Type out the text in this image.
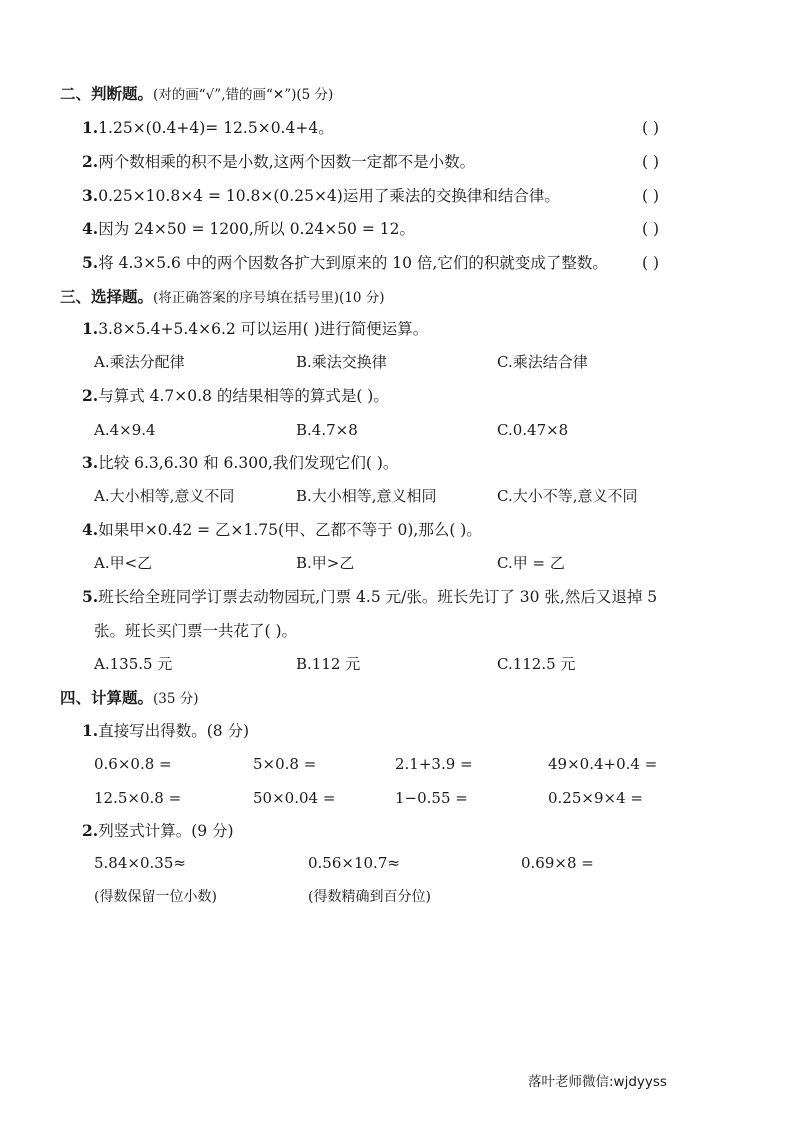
二、判断题。(对的画“√”,错的画“✕”)(5 分)
1.1.25×(0.4+4)= 12.5×0.4+4。	( )
2.两个数相乘的积不是小数,这两个因数一定都不是小数。	( )
3.0.25×10.8×4 = 10.8×(0.25×4)运用了乘法的交换律和结合律。	( )
4.因为 24×50 = 1200,所以 0.24×50 = 12。	( )
5.将 4.3×5.6 中的两个因数各扩大到原来的 10 倍,它们的积就变成了整数。 ( )
三、选择题。(将正确答案的序号填在括号里)(10 分)
1.3.8×5.4+5.4×6.2 可以运用( )进行简便运算。
A.乘法分配律	B.乘法交换律	C.乘法结合律
2.与算式 4.7×0.8 的结果相等的算式是( )。
A.4×9.4	B.4.7×8	C.0.47×8
3.比较 6.3,6.30 和 6.300,我们发现它们( )。
A.大小相等,意义不同	B.大小相等,意义相同	C.大小不等,意义不同
4.如果甲×0.42 = 乙×1.75(甲、乙都不等于 0),那么( )。
A.甲<乙	B.甲>乙	C.甲 = 乙
5.班长给全班同学订票去动物园玩,门票 4.5 元/张。班长先订了 30 张,然后又退掉 5
张。班长买门票一共花了( )。
A.135.5 元	B.112 元	C.112.5 元
四、计算题。(35 分)
1.直接写出得数。(8 分)
0.6×0.8 =	5×0.8 =	2.1+3.9 =	49×0.4+0.4 =
12.5×0.8 =	50×0.04 =	1−0.55 =	0.25×9×4 =
2.列竖式计算。(9 分)
5.84×0.35≈	0.56×10.7≈	0.69×8 =
(得数保留一位小数)	(得数精确到百分位)
落叶老师微信:wjdyyss
